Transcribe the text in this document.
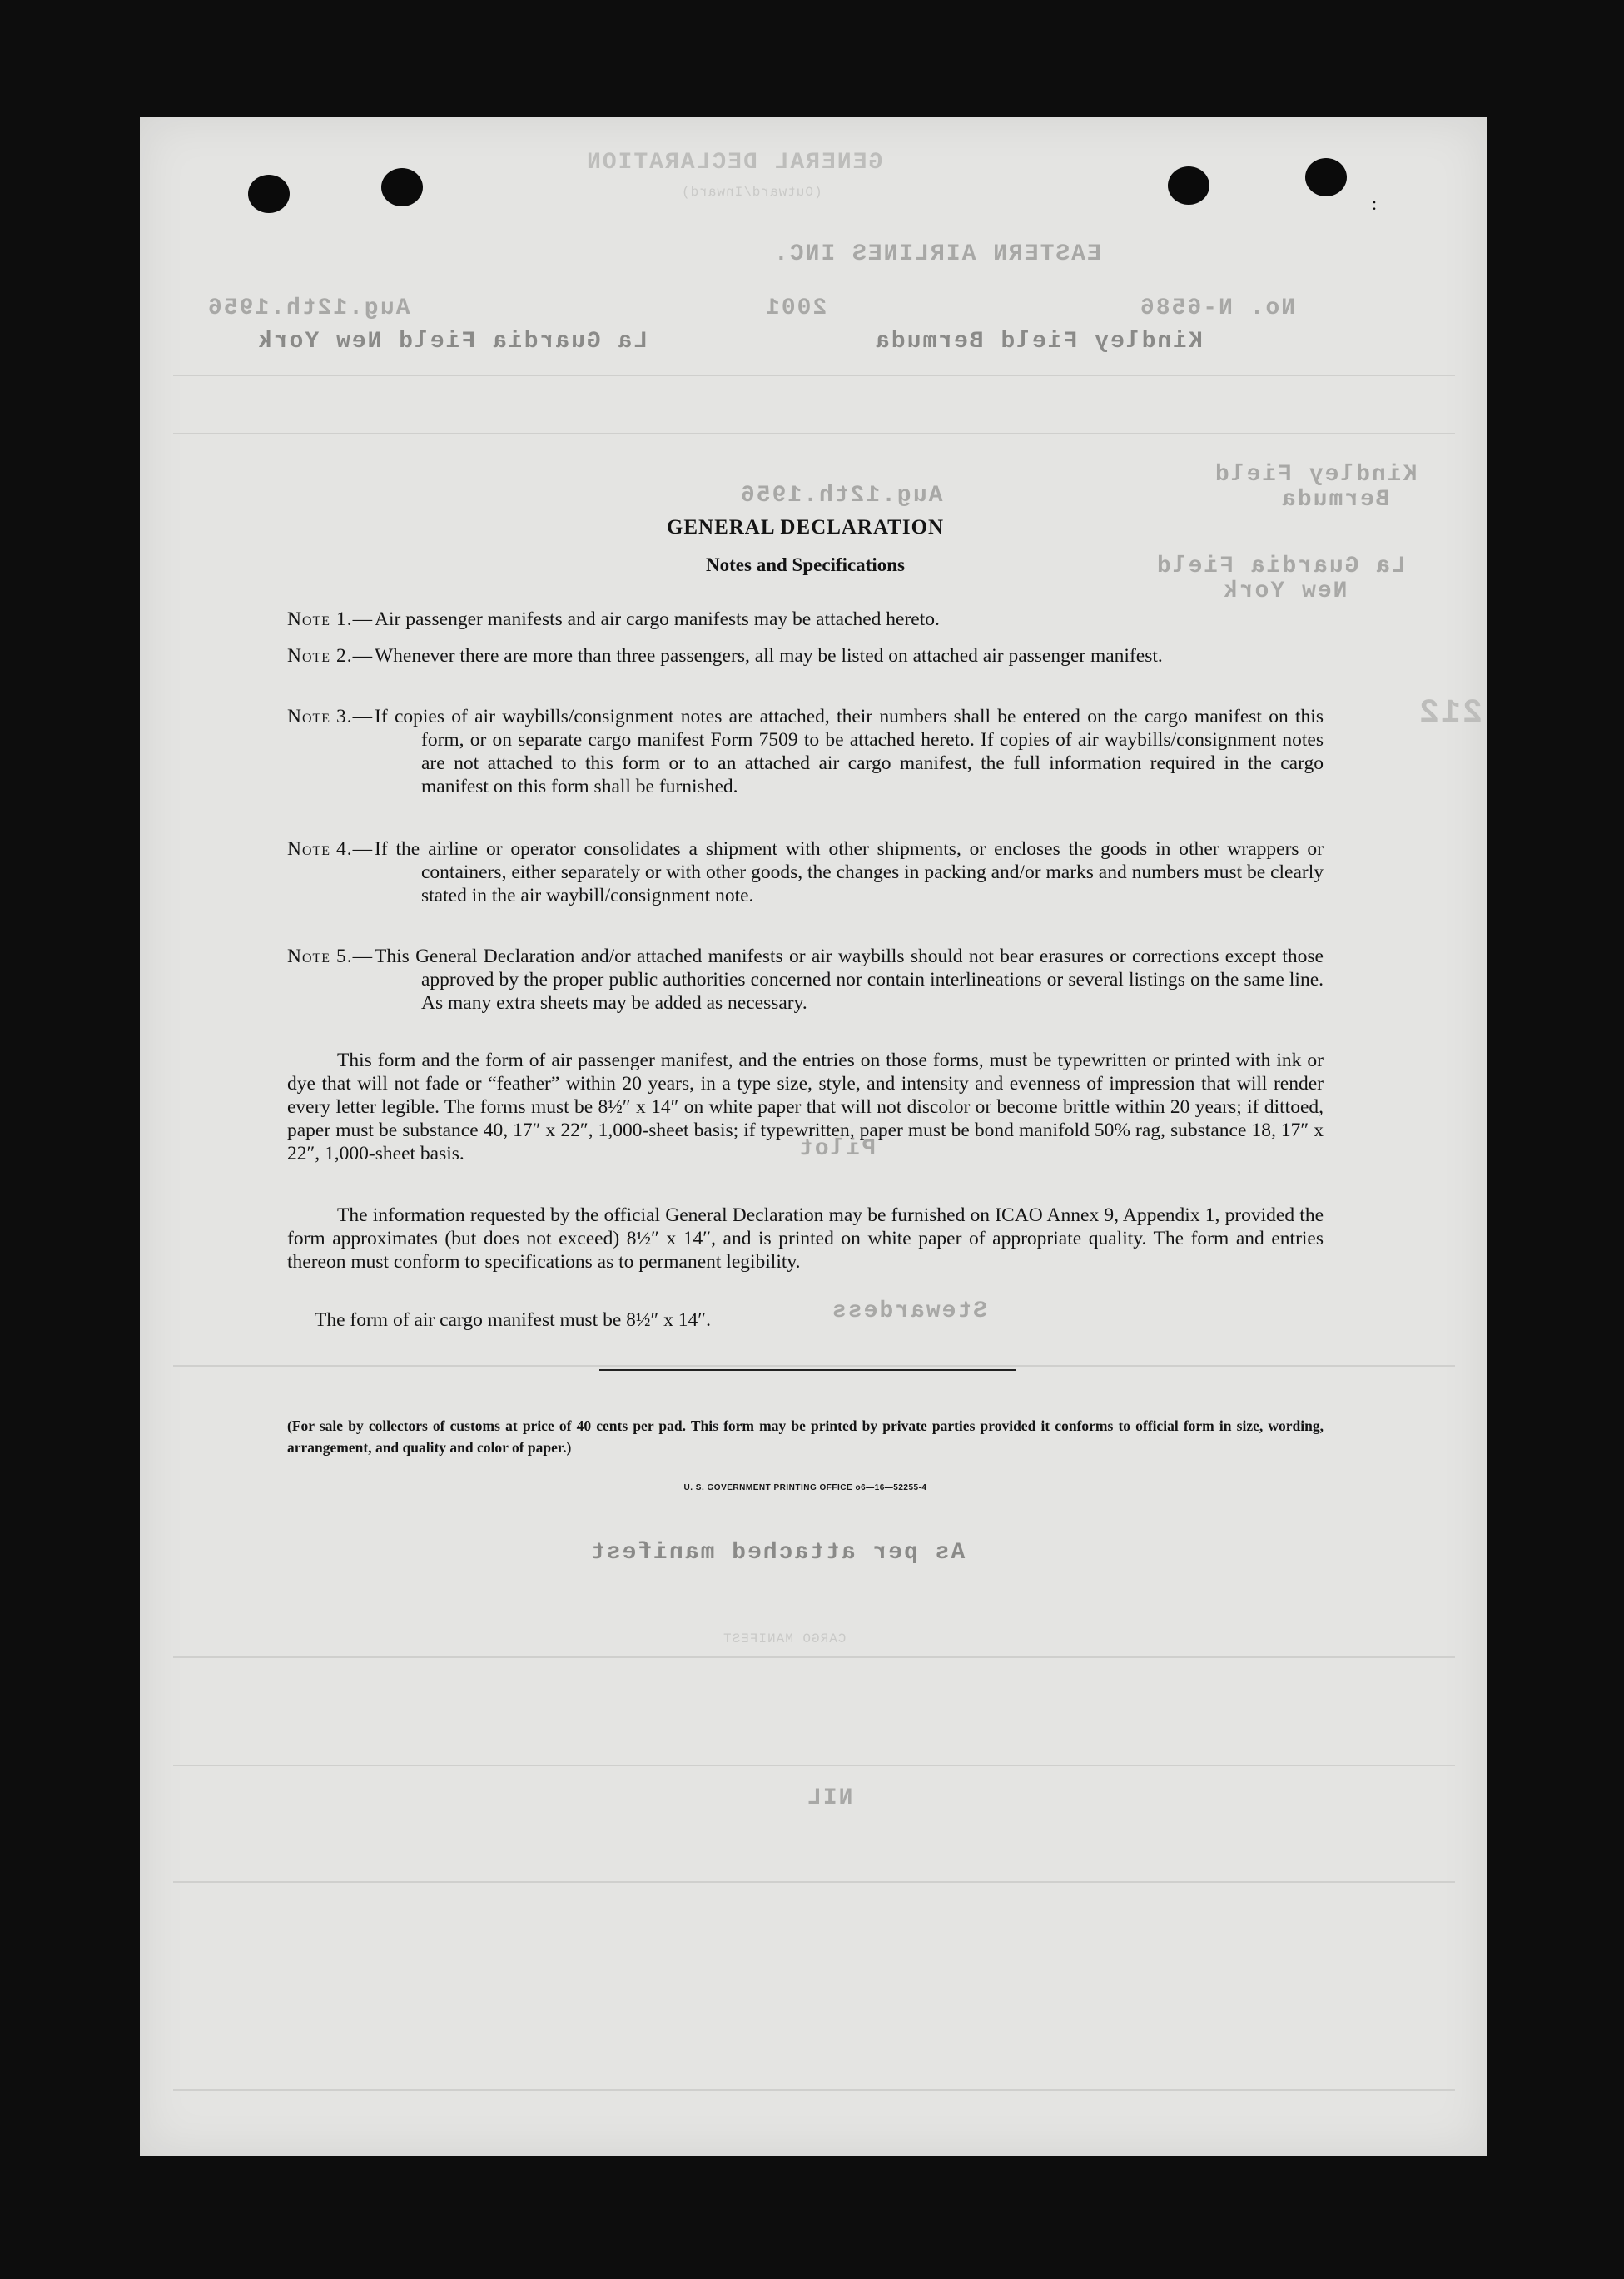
GENERAL DECLARATION
(Outward/Inward)
EASTERN AIRLINES INC.
No. N-6586
2001
Aug.12th.1956
Kindley Field Bermuda
La Guardia Field New York
Kindley Field
Bermuda
Aug.12th.1956
La Guardia Field
New York
212
Pilot
Stewardess
As per attached manifest
CARGO MANIFEST
NIL
:
GENERAL DECLARATION
Notes and Specifications
Note 1.— Air passenger manifests and air cargo manifests may be attached hereto.
Note 2.— Whenever there are more than three passengers, all may be listed on attached air passenger manifest.
Note 3.— If copies of air waybills/consignment notes are attached, their numbers shall be entered on the cargo manifest on this form, or on separate cargo manifest Form 7509 to be attached hereto. If copies of air waybills/consignment notes are not attached to this form or to an attached air cargo manifest, the full information required in the cargo manifest on this form shall be furnished.
Note 4.— If the airline or operator consolidates a shipment with other shipments, or encloses the goods in other wrappers or containers, either separately or with other goods, the changes in packing and/or marks and numbers must be clearly stated in the air waybill/consignment note.
Note 5.— This General Declaration and/or attached manifests or air waybills should not bear erasures or corrections except those approved by the proper public authorities concerned nor contain interlineations or several listings on the same line. As many extra sheets may be added as necessary.
This form and the form of air passenger manifest, and the entries on those forms, must be typewritten or printed with ink or dye that will not fade or “feather” within 20 years, in a type size, style, and intensity and evenness of impression that will render every letter legible. The forms must be 8½″ x 14″ on white paper that will not discolor or become brittle within 20 years; if dittoed, paper must be substance 40, 17″ x 22″, 1,000-sheet basis; if typewritten, paper must be bond manifold 50% rag, substance 18, 17″ x 22″, 1,000-sheet basis.
The information requested by the official General Declaration may be furnished on ICAO Annex 9, Appendix 1, provided the form approximates (but does not exceed) 8½″ x 14″, and is printed on white paper of appropriate quality. The form and entries thereon must conform to specifications as to permanent legibility.
The form of air cargo manifest must be 8½″ x 14″.
(For sale by collectors of customs at price of 40 cents per pad. This form may be printed by private parties provided it conforms to official form in size, wording, arrangement, and quality and color of paper.)
U. S. GOVERNMENT PRINTING OFFICE o6—16—52255-4
